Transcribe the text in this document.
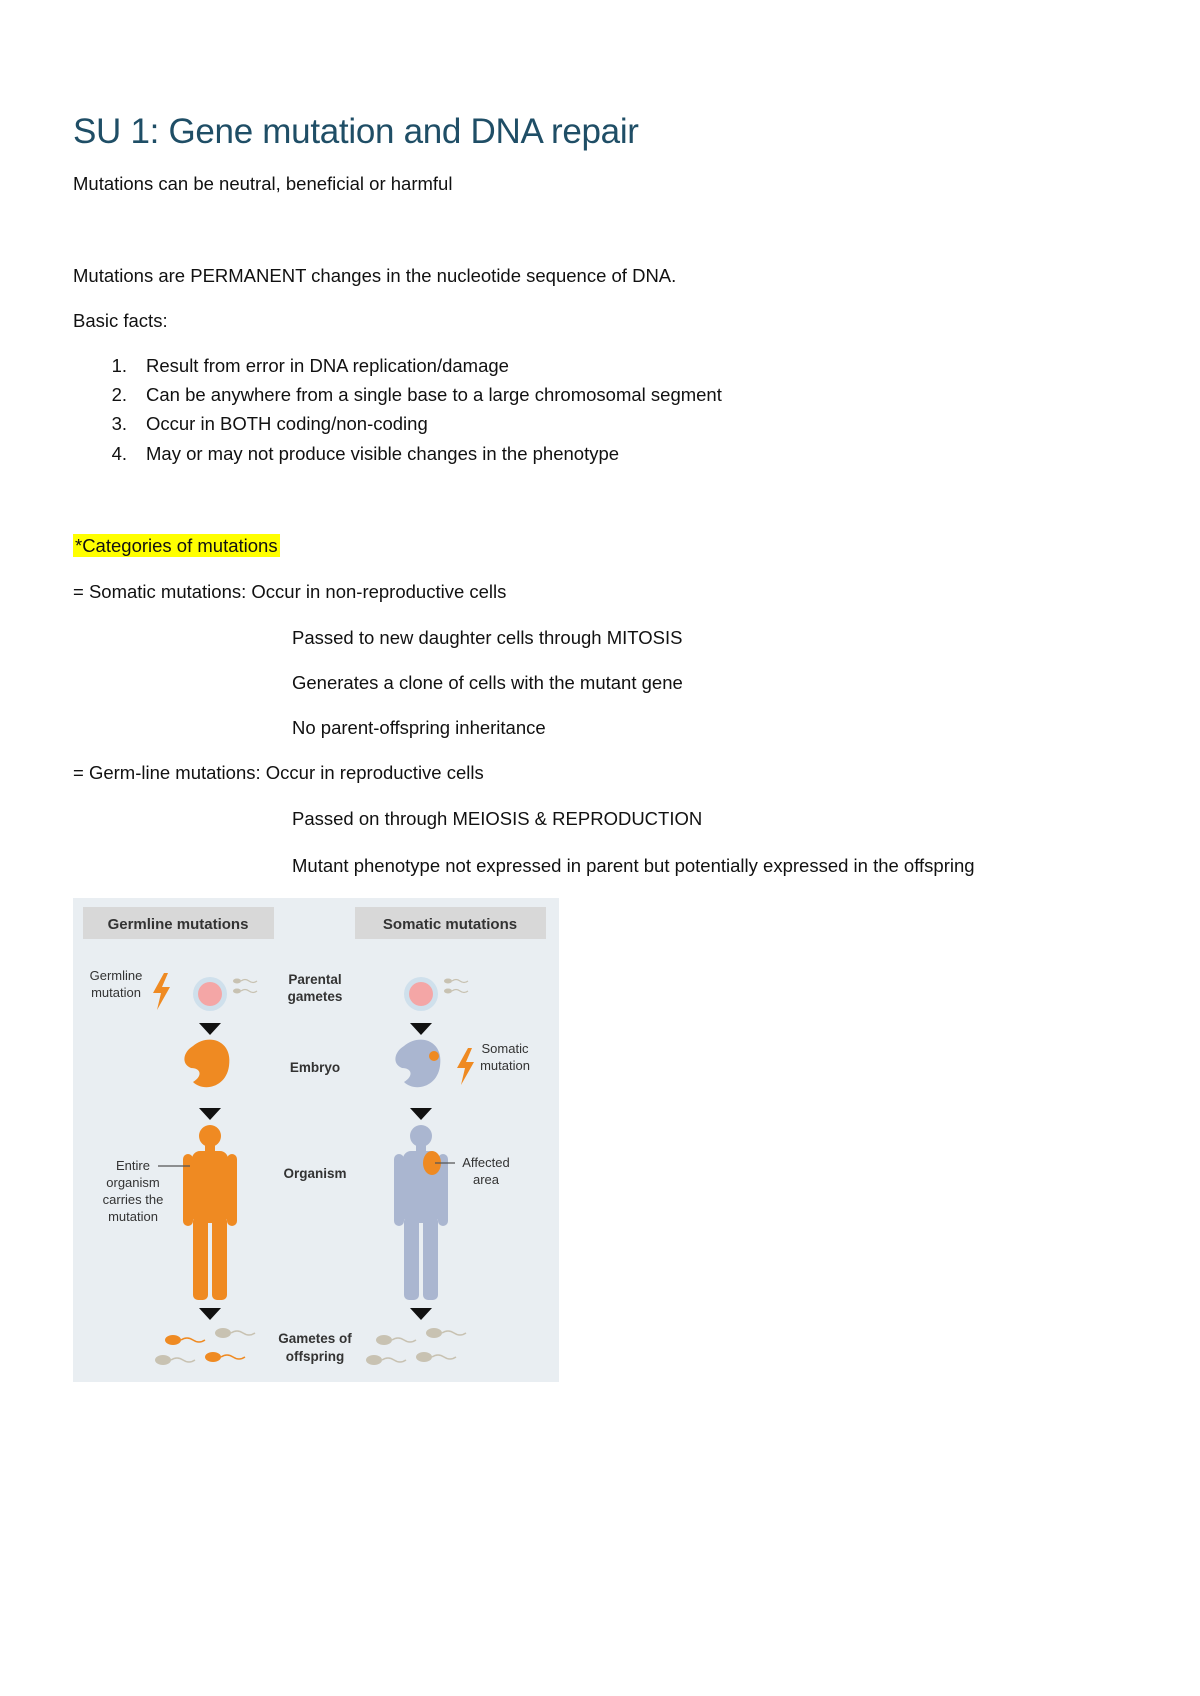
SU 1: Gene mutation and DNA repair
Mutations can be neutral, beneficial or harmful
Mutations are PERMANENT changes in the nucleotide sequence of DNA.
Basic facts:
1. Result from error in DNA replication/damage
2. Can be anywhere from a single base to a large chromosomal segment
3. Occur in BOTH coding/non-coding
4. May or may not produce visible changes in the phenotype
*Categories of mutations
= Somatic mutations: Occur in non-reproductive cells
Passed to new daughter cells through MITOSIS
Generates a clone of cells with the mutant gene
No parent-offspring inheritance
= Germ-line mutations: Occur in reproductive cells
Passed on through MEIOSIS & REPRODUCTION
Mutant phenotype not expressed in parent but potentially expressed in the offspring
Germline mutations	Somatic mutations
Parental
gametes
Embryo
Organism
Gametes of
offspring
Germline
mutation
Entire
organism
carries the
mutation
Somatic
mutation
Affected
area
